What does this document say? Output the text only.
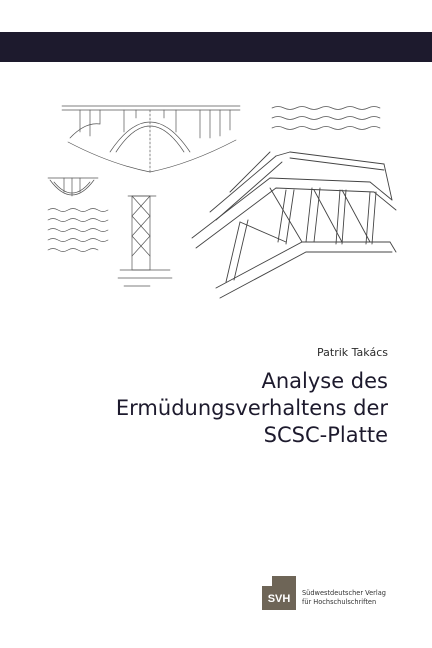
Patrik Takács
Analyse des
Ermüdungsverhaltens der
SCSC-Platte
SVH Südwestdeutscher Verlag
für Hochschulschriften
